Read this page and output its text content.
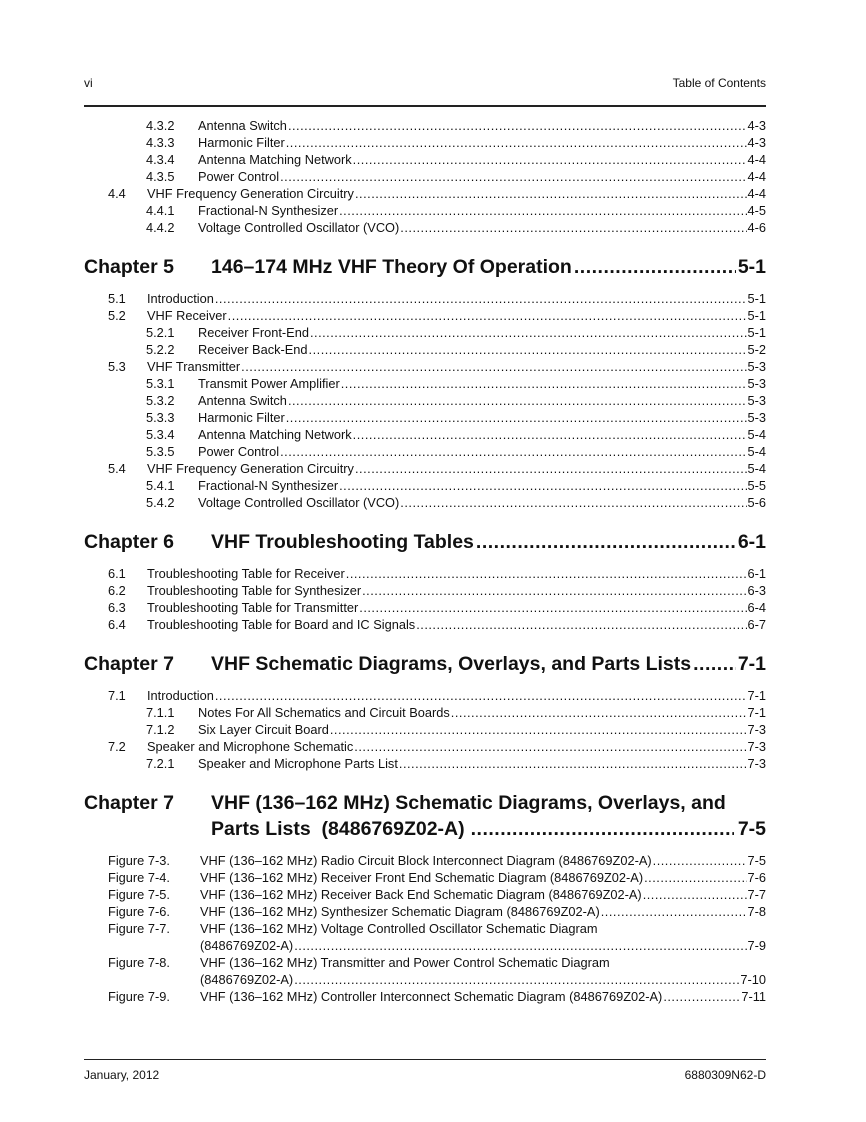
vi	Table of Contents
4.3.2	Antenna Switch .....	4-3
4.3.3	Harmonic Filter .....	4-3
4.3.4	Antenna Matching Network .....	4-4
4.3.5	Power Control .....	4-4
4.4	VHF Frequency Generation Circuitry .....	4-4
4.4.1	Fractional-N Synthesizer .....	4-5
4.4.2	Voltage Controlled Oscillator (VCO) .....	4-6
Chapter 5	146–174 MHz VHF Theory Of Operation .....	5-1
5.1	Introduction .....	5-1
5.2	VHF Receiver .....	5-1
5.2.1	Receiver Front-End .....	5-1
5.2.2	Receiver Back-End .....	5-2
5.3	VHF Transmitter .....	5-3
5.3.1	Transmit Power Amplifier .....	5-3
5.3.2	Antenna Switch .....	5-3
5.3.3	Harmonic Filter .....	5-3
5.3.4	Antenna Matching Network .....	5-4
5.3.5	Power Control .....	5-4
5.4	VHF Frequency Generation Circuitry .....	5-4
5.4.1	Fractional-N Synthesizer .....	5-5
5.4.2	Voltage Controlled Oscillator (VCO) .....	5-6
Chapter 6	VHF Troubleshooting Tables .....	6-1
6.1	Troubleshooting Table for Receiver .....	6-1
6.2	Troubleshooting Table for Synthesizer .....	6-3
6.3	Troubleshooting Table for Transmitter .....	6-4
6.4	Troubleshooting Table for Board and IC Signals .....	6-7
Chapter 7	VHF Schematic Diagrams, Overlays, and Parts Lists ..... 7-1
7.1	Introduction .....	7-1
7.1.1	Notes For All Schematics and Circuit Boards .....	7-1
7.1.2	Six Layer Circuit Board .....	7-3
7.2	Speaker and Microphone Schematic .....	7-3
7.2.1	Speaker and Microphone Parts List .....	7-3
Chapter 7	VHF (136–162 MHz) Schematic Diagrams, Overlays, and
Parts Lists  (8486769Z02-A) .....	7-5
Figure 7-3.	VHF (136–162 MHz) Radio Circuit Block Interconnect Diagram (8486769Z02-A) .....	7-5
Figure 7-4.	VHF (136–162 MHz) Receiver Front End Schematic Diagram (8486769Z02-A) .....	7-6
Figure 7-5.	VHF (136–162 MHz) Receiver Back End Schematic Diagram (8486769Z02-A) .....	7-7
Figure 7-6.	VHF (136–162 MHz) Synthesizer Schematic Diagram (8486769Z02-A) .....	7-8
Figure 7-7.	VHF (136–162 MHz) Voltage Controlled Oscillator Schematic Diagram
(8486769Z02-A) .....	7-9
Figure 7-8.	VHF (136–162 MHz) Transmitter and Power Control Schematic Diagram
(8486769Z02-A) .....	7-10
Figure 7-9.	VHF (136–162 MHz) Controller Interconnect Schematic Diagram (8486769Z02-A) .....	7-11
January, 2012	6880309N62-D
